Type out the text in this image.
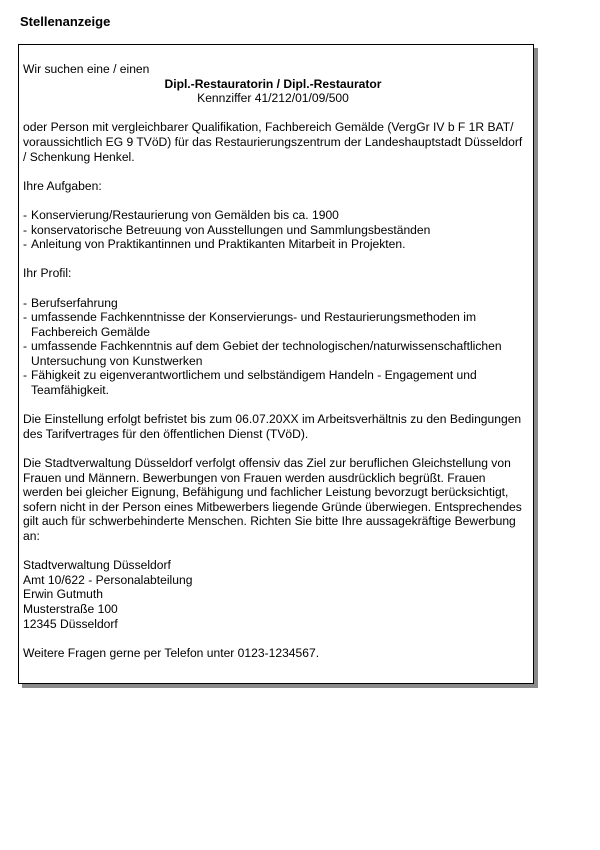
Stellenanzeige

Wir suchen eine / einen

Dipl.-Restauratorin / Dipl.-Restaurator

Kennziffer 41/212/01/09/500

oder Person mit vergleichbarer Qualifikation, Fachbereich Gemälde (VergGr IV b F 1R BAT/ voraussichtlich EG 9 TVöD) für das Restaurierungszentrum der Landeshauptstadt Düsseldorf / Schenkung Henkel.

Ihre Aufgaben:

- Konservierung/Restaurierung von Gemälden bis ca. 1900
- konservatorische Betreuung von Ausstellungen und Sammlungsbeständen
- Anleitung von Praktikantinnen und Praktikanten Mitarbeit in Projekten.

Ihr Profil:

- Berufserfahrung
- umfassende Fachkenntnisse der Konservierungs- und Restaurierungsmethoden im Fachbereich Gemälde
- umfassende Fachkenntnis auf dem Gebiet der technologischen/naturwissenschaftlichen Untersuchung von Kunstwerken
- Fähigkeit zu eigenverantwortlichem und selbständigem Handeln - Engagement und Teamfähigkeit.

Die Einstellung erfolgt befristet bis zum 06.07.20XX im Arbeitsverhältnis zu den Bedingungen des Tarifvertrages für den öffentlichen Dienst (TVöD).

Die Stadtverwaltung Düsseldorf verfolgt offensiv das Ziel zur beruflichen Gleichstellung von Frauen und Männern. Bewerbungen von Frauen werden ausdrücklich begrüßt. Frauen werden bei gleicher Eignung, Befähigung und fachlicher Leistung bevorzugt berücksichtigt, sofern nicht in der Person eines Mitbewerbers liegende Gründe überwiegen. Entsprechendes gilt auch für schwerbehinderte Menschen. Richten Sie bitte Ihre aussagekräftige Bewerbung an:

Stadtverwaltung Düsseldorf
Amt 10/622 - Personalabteilung
Erwin Gutmuth
Musterstraße 100
12345 Düsseldorf

Weitere Fragen gerne per Telefon unter 0123-1234567.
